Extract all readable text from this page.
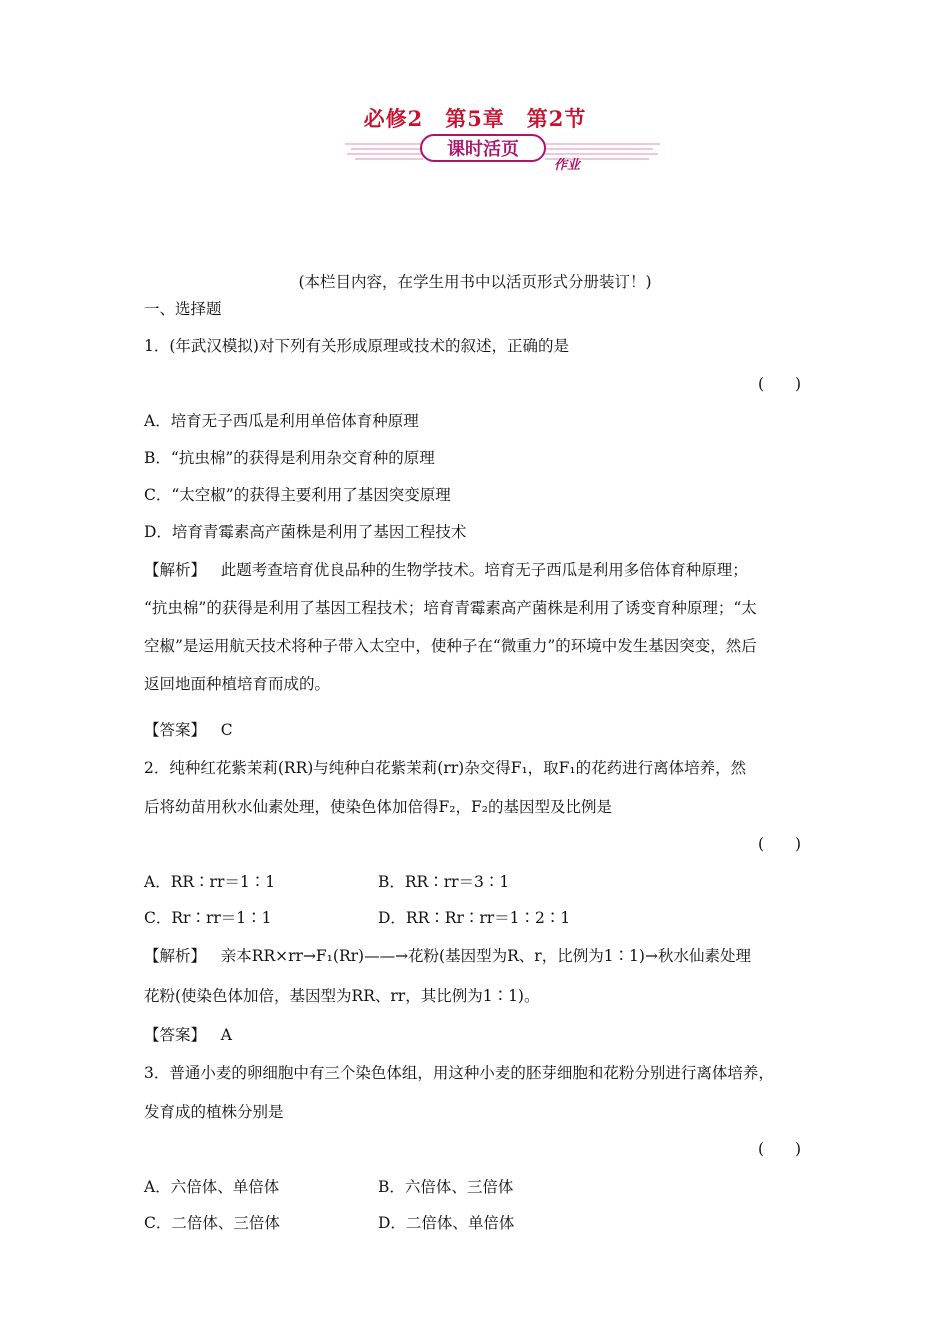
必修2　第5章　第2节
课时活页
作业
(本栏目内容，在学生用书中以活页形式分册装订！)
一、选择题
1．(年武汉模拟)对下列有关形成原理或技术的叙述，正确的是
(　　)
A．培育无子西瓜是利用单倍体育种原理
B．“抗虫棉”的获得是利用杂交育种的原理
C．“太空椒”的获得主要利用了基因突变原理
D．培育青霉素高产菌株是利用了基因工程技术
【解析】 此题考查培育优良品种的生物学技术。培育无子西瓜是利用多倍体育种原理；
“抗虫棉”的获得是利用了基因工程技术；培育青霉素高产菌株是利用了诱变育种原理；“太
空椒”是运用航天技术将种子带入太空中，使种子在“微重力”的环境中发生基因突变，然后
返回地面种植培育而成的。
【答案】 C
2．纯种红花紫茉莉(RR)与纯种白花紫茉莉(rr)杂交得F₁，取F₁的花药进行离体培养，然
后将幼苗用秋水仙素处理，使染色体加倍得F₂，F₂的基因型及比例是
(　　)
A．RR∶rr＝1∶1	B．RR∶rr＝3∶1
C．Rr∶rr＝1∶1	D．RR∶Rr∶rr＝1∶2∶1
【解析】 亲本RR×rr→F₁(Rr)——→花粉(基因型为R、r，比例为1∶1)→秋水仙素处理
花粉(使染色体加倍，基因型为RR、rr，其比例为1∶1)。
【答案】 A
3．普通小麦的卵细胞中有三个染色体组，用这种小麦的胚芽细胞和花粉分别进行离体培养，
发育成的植株分别是
(　　)
A．六倍体、单倍体	B．六倍体、三倍体
C．二倍体、三倍体	D．二倍体、单倍体
